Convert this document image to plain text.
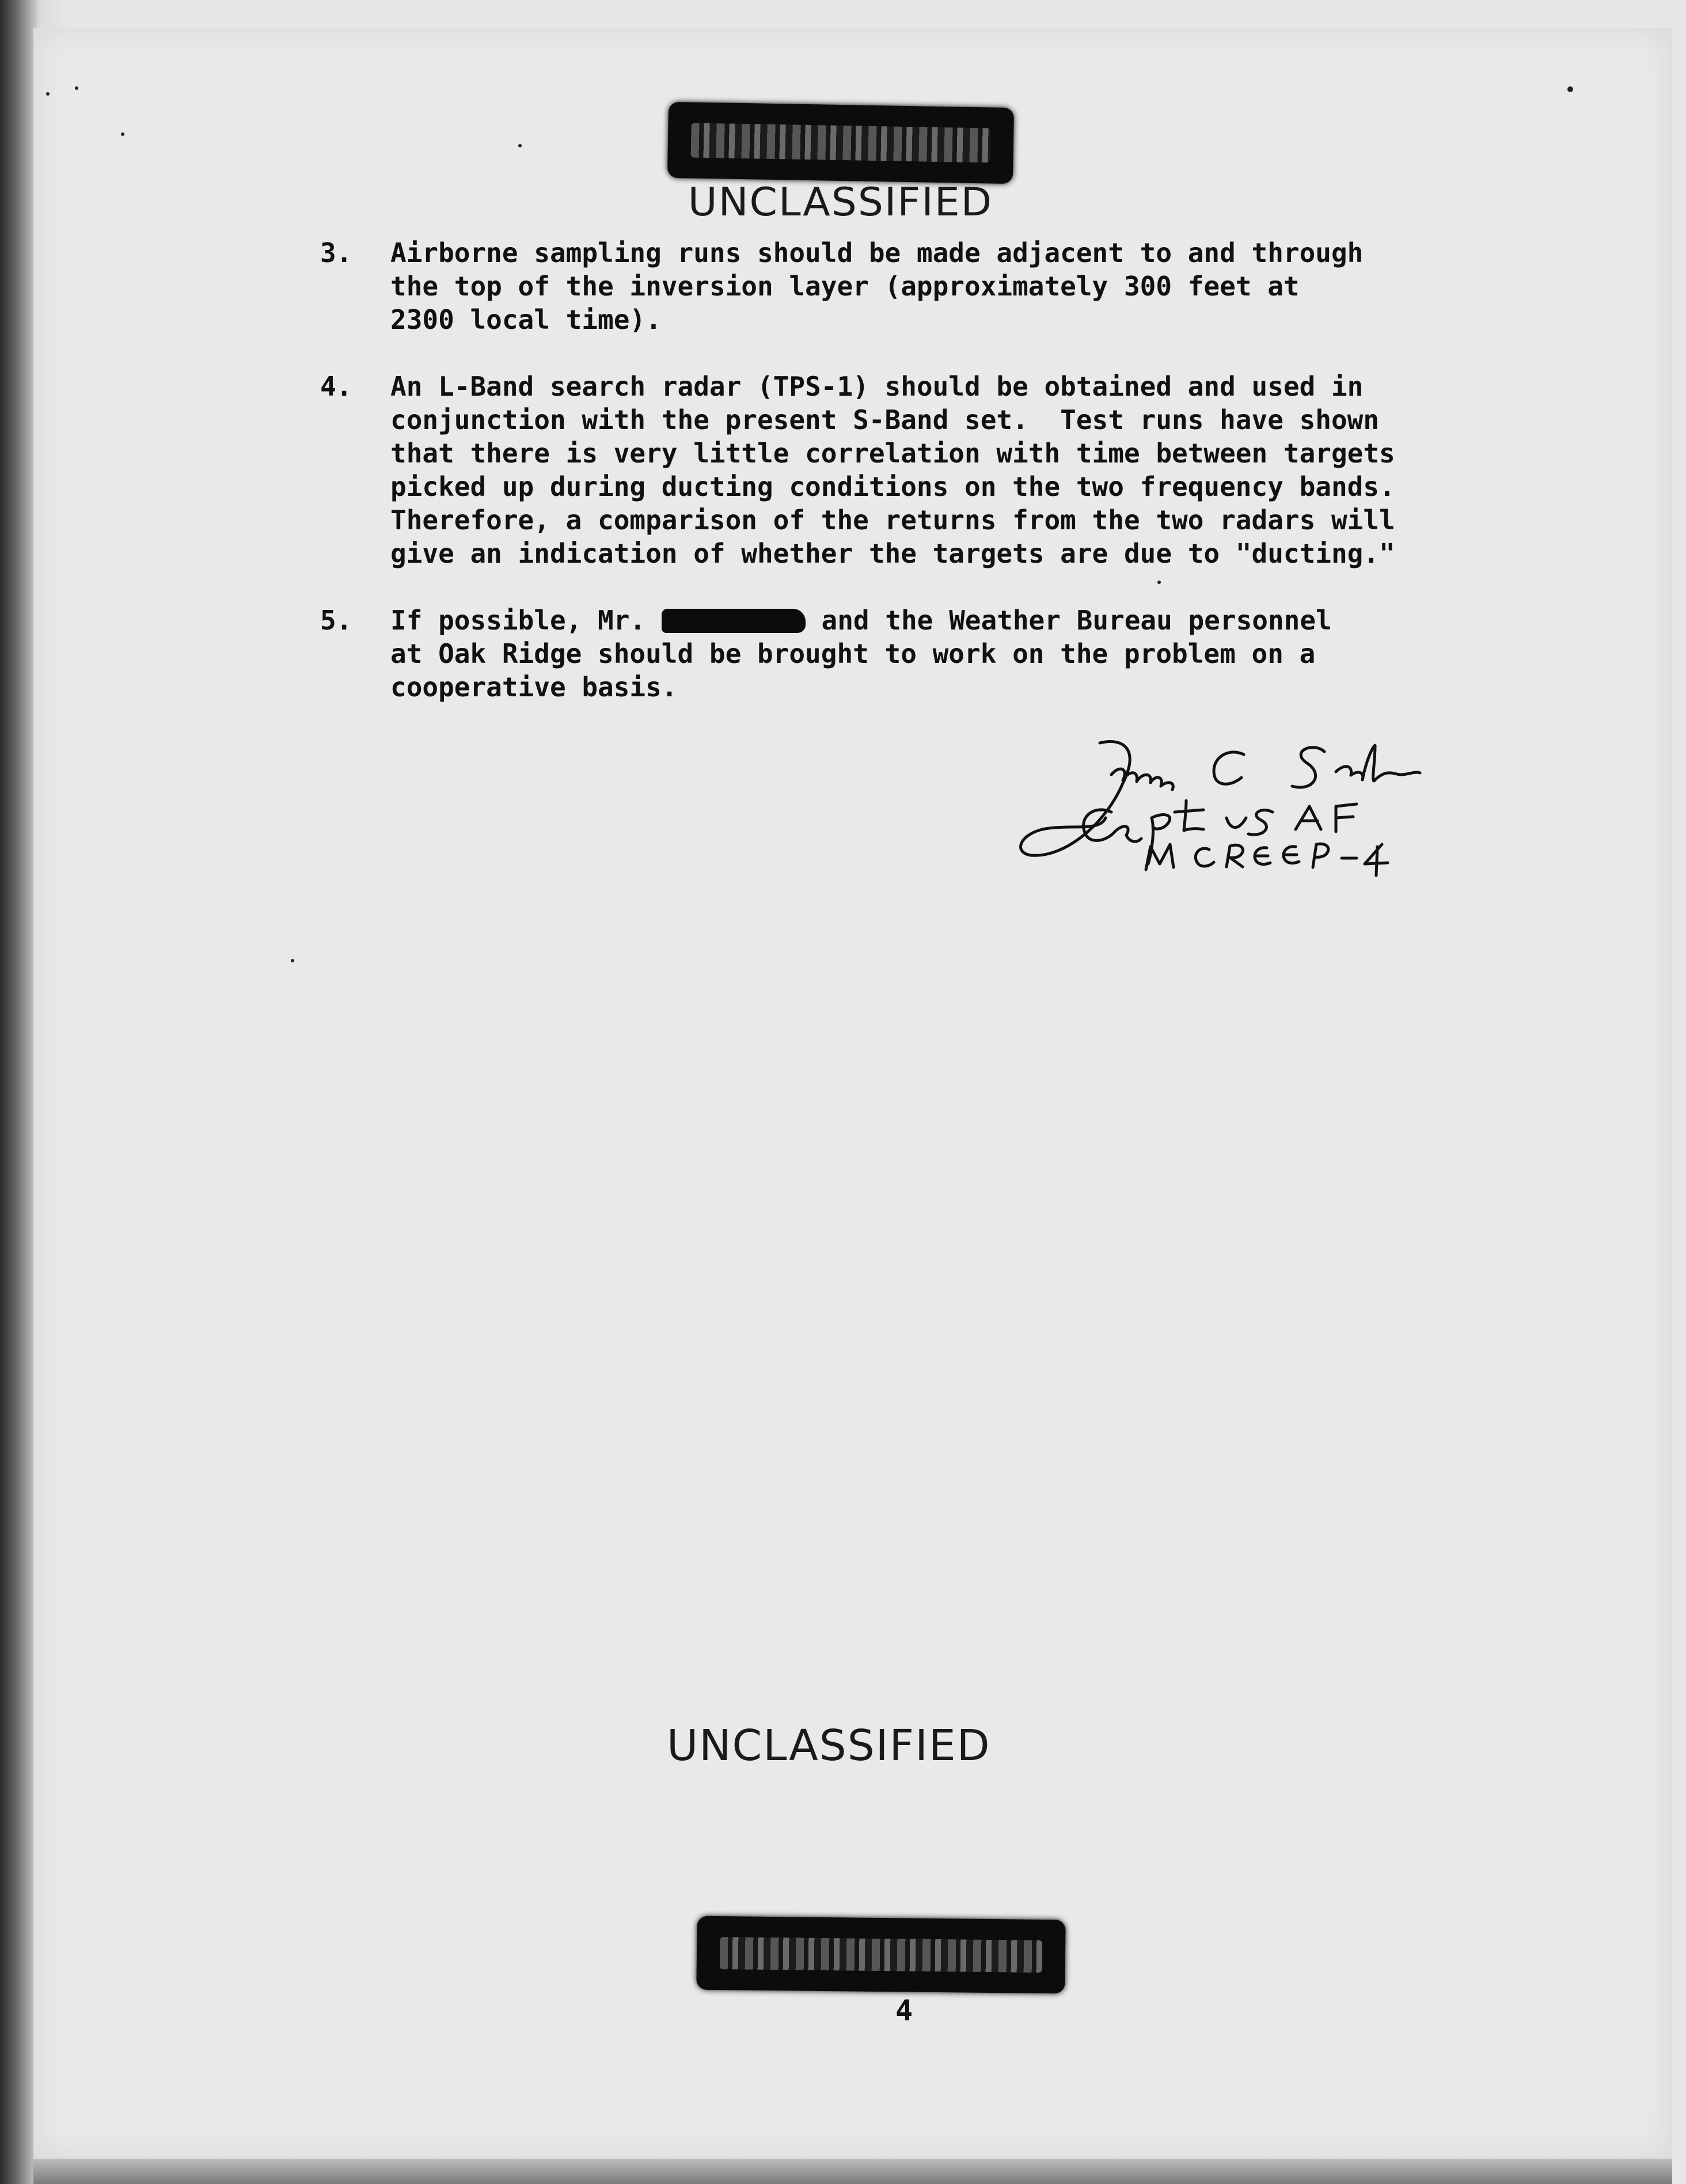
UNCLASSIFIED
3.	Airborne sampling runs should be made adjacent to and through
the top of the inversion layer (approximately 300 feet at
2300 local time).
4.	An L-Band search radar (TPS-1) should be obtained and used in
conjunction with the present S-Band set.  Test runs have shown
that there is very little correlation with time between targets
picked up during ducting conditions on the two frequency bands.
Therefore, a comparison of the returns from the two radars will
give an indication of whether the targets are due to "ducting."
5.	If possible, Mr.	and the Weather Bureau personnel
at Oak Ridge should be brought to work on the problem on a
cooperative basis.
UNCLASSIFIED
4
